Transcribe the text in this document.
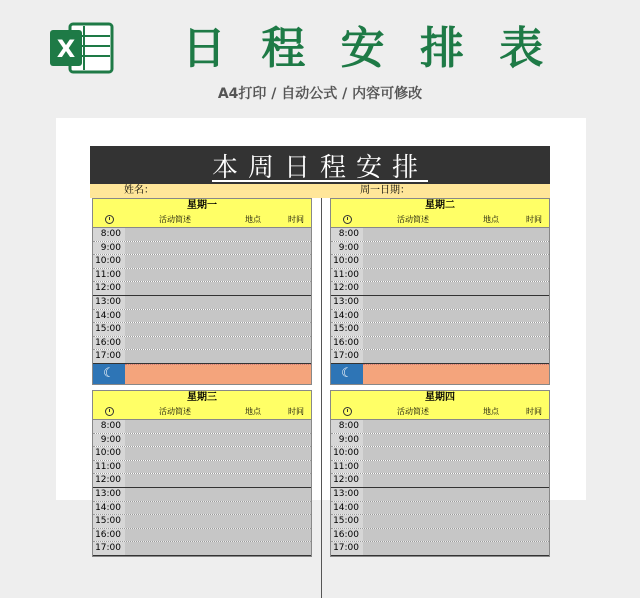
X 日 程 安 排 表
A4打印 / 自动公式 / 内容可修改
本周日程安排
姓名：	周一日期：
星期一
活动简述	地点	时间
8:00
9:00
10:00
11:00
12:00
13:00
14:00
15:00
16:00
17:00
☾
星期二
活动简述	地点	时间
8:00
9:00
10:00
11:00
12:00
13:00
14:00
15:00
16:00
17:00
☾
星期三
活动简述	地点	时间
8:00
9:00
10:00
11:00
12:00
13:00
14:00
15:00
16:00
17:00
星期四
活动简述	地点	时间
8:00
9:00
10:00
11:00
12:00
13:00
14:00
15:00
16:00
17:00
